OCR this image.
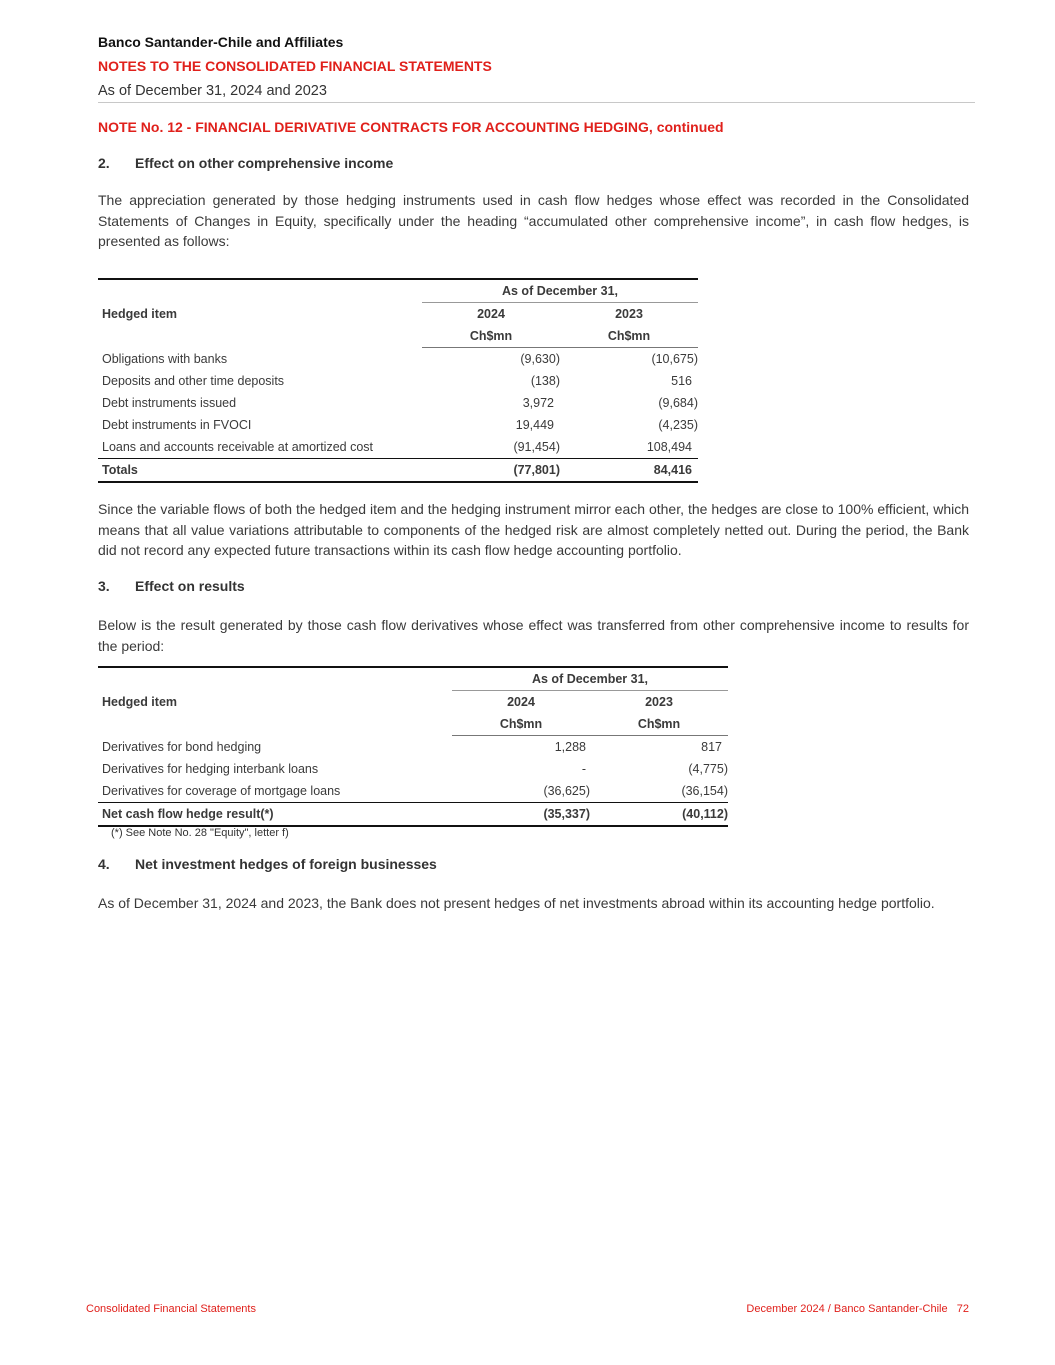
Banco Santander-Chile and Affiliates
NOTES TO THE CONSOLIDATED FINANCIAL STATEMENTS
As of December 31, 2024 and 2023
NOTE No. 12 - FINANCIAL DERIVATIVE CONTRACTS FOR ACCOUNTING HEDGING, continued
2. Effect on other comprehensive income
The appreciation generated by those hedging instruments used in cash flow hedges whose effect was recorded in the Consolidated Statements of Changes in Equity, specifically under the heading “accumulated other comprehensive income”, in cash flow hedges, is presented as follows:
Hedged item	As of December 31,	
	2024	2023
	Ch$mn	Ch$mn
Obligations with banks	(9,630)	(10,675)
Deposits and other time deposits	(138)	516
Debt instruments issued	3,972	(9,684)
Debt instruments in FVOCI	19,449	(4,235)
Loans and accounts receivable at amortized cost	(91,454)	108,494
Totals	(77,801)	84,416
Since the variable flows of both the hedged item and the hedging instrument mirror each other, the hedges are close to 100% efficient, which means that all value variations attributable to components of the hedged risk are almost completely netted out. During the period, the Bank did not record any expected future transactions within its cash flow hedge accounting portfolio.
3. Effect on results
Below is the result generated by those cash flow derivatives whose effect was transferred from other comprehensive income to results for the period:
Hedged item	As of December 31,	
	2024	2023
	Ch$mn	Ch$mn
Derivatives for bond hedging	1,288	817
Derivatives for hedging interbank loans	-	(4,775)
Derivatives for coverage of mortgage loans	(36,625)	(36,154)
Net cash flow hedge result(*)	(35,337)	(40,112)
(*) See Note No. 28 "Equity", letter f)
4. Net investment hedges of foreign businesses
As of December 31, 2024 and 2023, the Bank does not present hedges of net investments abroad within its accounting hedge portfolio.
Consolidated Financial Statements	December 2024 / Banco Santander-Chile   72
